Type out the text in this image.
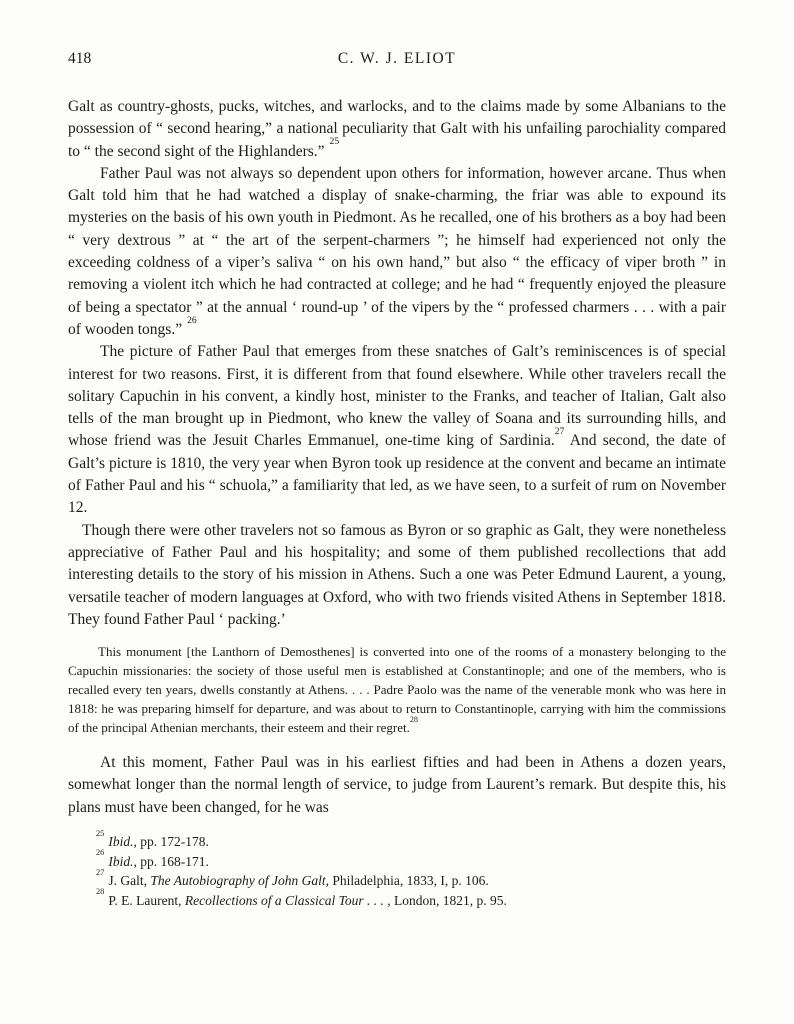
418	C. W. J. ELIOT

Galt as country-ghosts, pucks, witches, and warlocks, and to the claims made by some Albanians to the possession of “ second hearing,” a national peculiarity that Galt with his unfailing parochiality compared to “ the second sight of the Highlanders.”$^{25}$

Father Paul was not always so dependent upon others for information, however arcane. Thus when Galt told him that he had watched a display of snake-charming, the friar was able to expound its mysteries on the basis of his own youth in Piedmont. As he recalled, one of his brothers as a boy had been “ very dextrous ” at “ the art of the serpent-charmers ”; he himself had experienced not only the exceeding coldness of a viper’s saliva “ on his own hand,” but also “ the efficacy of viper broth ” in removing a violent itch which he had contracted at college; and he had “ frequently enjoyed the pleasure of being a spectator ” at the annual ‘ round-up ’ of the vipers by the “ professed charmers . . . with a pair of wooden tongs.”$^{26}$

The picture of Father Paul that emerges from these snatches of Galt’s reminiscences is of special interest for two reasons. First, it is different from that found elsewhere. While other travelers recall the solitary Capuchin in his convent, a kindly host, minister to the Franks, and teacher of Italian, Galt also tells of the man brought up in Piedmont, who knew the valley of Soana and its surrounding hills, and whose friend was the Jesuit Charles Emmanuel, one-time king of Sardinia.$^{27}$ And second, the date of Galt’s picture is 1810, the very year when Byron took up residence at the convent and became an intimate of Father Paul and his “ schuola,” a familiarity that led, as we have seen, to a surfeit of rum on November 12.

Though there were other travelers not so famous as Byron or so graphic as Galt, they were nonetheless appreciative of Father Paul and his hospitality; and some of them published recollections that add interesting details to the story of his mission in Athens. Such a one was Peter Edmund Laurent, a young, versatile teacher of modern languages at Oxford, who with two friends visited Athens in September 1818. They found Father Paul ‘ packing.’

This monument [the Lanthorn of Demosthenes] is converted into one of the rooms of a monastery belonging to the Capuchin missionaries: the society of those useful men is established at Constantinople; and one of the members, who is recalled every ten years, dwells constantly at Athens. . . . Padre Paolo was the name of the venerable monk who was here in 1818: he was preparing himself for departure, and was about to return to Constantinople, carrying with him the commissions of the principal Athenian merchants, their esteem and their regret.$^{28}$

At this moment, Father Paul was in his earliest fifties and had been in Athens a dozen years, somewhat longer than the normal length of service, to judge from Laurent’s remark. But despite this, his plans must have been changed, for he was

$^{25}$Ibid., pp. 172-178.
$^{26}$Ibid., pp. 168-171.
$^{27}$J. Galt, The Autobiography of John Galt, Philadelphia, 1833, I, p. 106.
$^{28}$P. E. Laurent, Recollections of a Classical Tour . . . , London, 1821, p. 95.
